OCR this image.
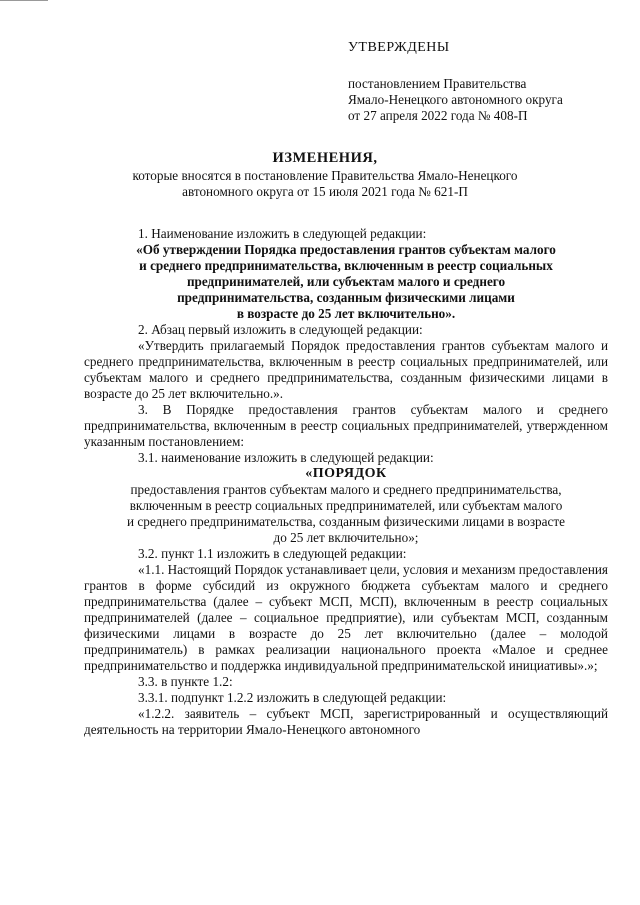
УТВЕРЖДЕНЫ
постановлением Правительства
Ямало-Ненецкого автономного округа
от 27 апреля 2022 года № 408-П
ИЗМЕНЕНИЯ,
которые вносятся в постановление Правительства Ямало-Ненецкого
автономного округа от 15 июля 2021 года № 621-П

1. Наименование изложить в следующей редакции:

«Об утверждении Порядка предоставления грантов субъектам малого
и среднего предпринимательства, включенным в реестр социальных
предпринимателей, или субъектам малого и среднего
предпринимательства, созданным физическими лицами
в возрасте до 25 лет включительно».

2. Абзац первый изложить в следующей редакции:

«Утвердить прилагаемый Порядок предоставления грантов субъектам малого и среднего предпринимательства, включенным в реестр социальных предпринимателей, или субъектам малого и среднего предпринимательства, созданным физическими лицами в возрасте до 25 лет включительно.».

3. В Порядке предоставления грантов субъектам малого и среднего предпринимательства, включенным в реестр социальных предпринимателей, утвержденном указанным постановлением:

3.1. наименование изложить в следующей редакции:

«ПОРЯДОК
предоставления грантов субъектам малого и среднего предпринимательства,
включенным в реестр социальных предпринимателей, или субъектам малого
и среднего предпринимательства, созданным физическими лицами в возрасте
до 25 лет включительно»;

3.2. пункт 1.1 изложить в следующей редакции:

«1.1. Настоящий Порядок устанавливает цели, условия и механизм предоставления грантов в форме субсидий из окружного бюджета субъектам малого и среднего предпринимательства (далее – субъект МСП, МСП), включенным в реестр социальных предпринимателей (далее – социальное предприятие), или субъектам МСП, созданным физическими лицами в возрасте до 25 лет включительно (далее – молодой предприниматель) в рамках реализации национального проекта «Малое и среднее предпринимательство и поддержка индивидуальной предпринимательской инициативы».»;

3.3. в пункте 1.2:

3.3.1. подпункт 1.2.2 изложить в следующей редакции:

«1.2.2. заявитель – субъект МСП, зарегистрированный и осуществляющий деятельность на территории Ямало-Ненецкого автономного
